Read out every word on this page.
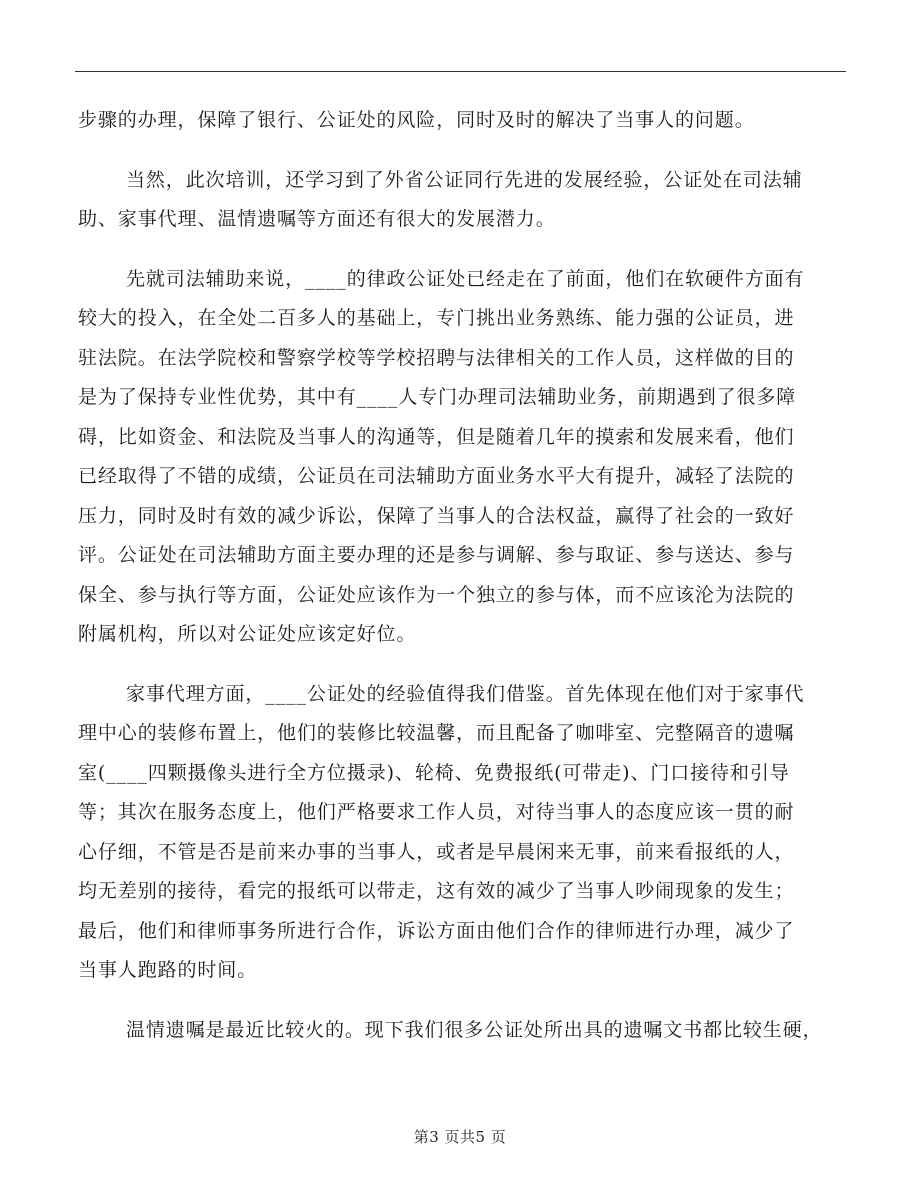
步骤的办理，保障了银行、公证处的风险，同时及时的解决了当事人的问题。
当然，此次培训，还学习到了外省公证同行先进的发展经验，公证处在司法辅
助、家事代理、温情遗嘱等方面还有很大的发展潜力。
先就司法辅助来说，____的律政公证处已经走在了前面，他们在软硬件方面有
较大的投入，在全处二百多人的基础上，专门挑出业务熟练、能力强的公证员，进
驻法院。在法学院校和警察学校等学校招聘与法律相关的工作人员，这样做的目的
是为了保持专业性优势，其中有____人专门办理司法辅助业务，前期遇到了很多障
碍，比如资金、和法院及当事人的沟通等，但是随着几年的摸索和发展来看，他们
已经取得了不错的成绩，公证员在司法辅助方面业务水平大有提升，减轻了法院的
压力，同时及时有效的减少诉讼，保障了当事人的合法权益，赢得了社会的一致好
评。公证处在司法辅助方面主要办理的还是参与调解、参与取证、参与送达、参与
保全、参与执行等方面，公证处应该作为一个独立的参与体，而不应该沦为法院的
附属机构，所以对公证处应该定好位。
家事代理方面，____公证处的经验值得我们借鉴。首先体现在他们对于家事代
理中心的装修布置上，他们的装修比较温馨，而且配备了咖啡室、完整隔音的遗嘱
室(____四颗摄像头进行全方位摄录)、轮椅、免费报纸(可带走)、门口接待和引导
等；其次在服务态度上，他们严格要求工作人员，对待当事人的态度应该一贯的耐
心仔细，不管是否是前来办事的当事人，或者是早晨闲来无事，前来看报纸的人，
均无差别的接待，看完的报纸可以带走，这有效的减少了当事人吵闹现象的发生；
最后，他们和律师事务所进行合作，诉讼方面由他们合作的律师进行办理，减少了
当事人跑路的时间。
温情遗嘱是最近比较火的。现下我们很多公证处所出具的遗嘱文书都比较生硬，
第3 页共5 页
